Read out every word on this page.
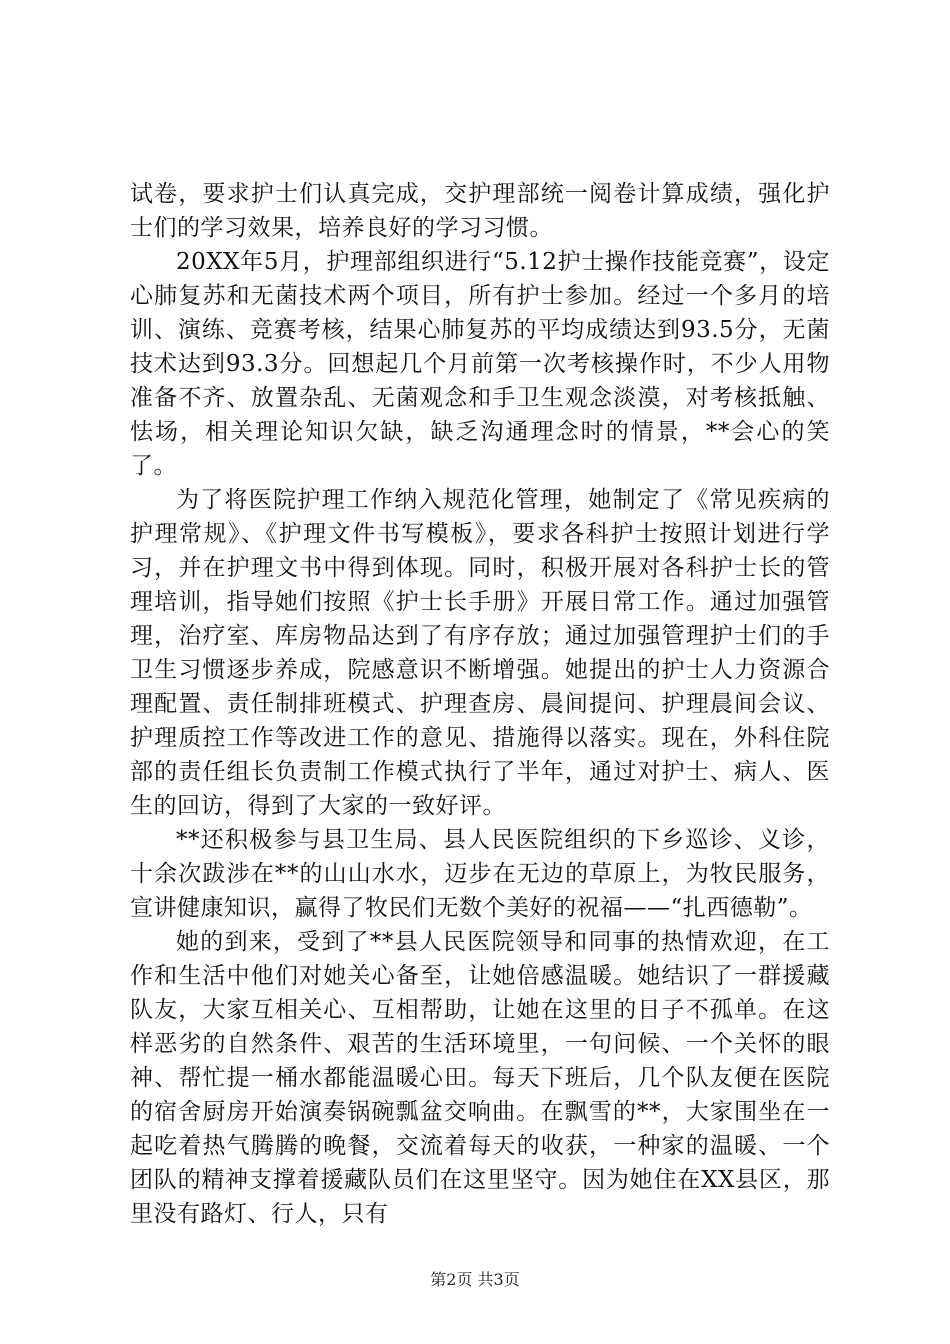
试卷，要求护士们认真完成，交护理部统一阅卷计算成绩，强化护士们的学习效果，培养良好的学习习惯。

20XX年5月，护理部组织进行“5.12护士操作技能竞赛”，设定心肺复苏和无菌技术两个项目，所有护士参加。经过一个多月的培训、演练、竞赛考核，结果心肺复苏的平均成绩达到93.5分，无菌技术达到93.3分。回想起几个月前第一次考核操作时，不少人用物准备不齐、放置杂乱、无菌观念和手卫生观念淡漠，对考核抵触、怯场，相关理论知识欠缺，缺乏沟通理念时的情景，**会心的笑了。

为了将医院护理工作纳入规范化管理，她制定了《常见疾病的护理常规》、《护理文件书写模板》，要求各科护士按照计划进行学习，并在护理文书中得到体现。同时，积极开展对各科护士长的管理培训，指导她们按照《护士长手册》开展日常工作。通过加强管理，治疗室、库房物品达到了有序存放；通过加强管理护士们的手卫生习惯逐步养成，院感意识不断增强。她提出的护士人力资源合理配置、责任制排班模式、护理查房、晨间提问、护理晨间会议、护理质控工作等改进工作的意见、措施得以落实。现在，外科住院部的责任组长负责制工作模式执行了半年，通过对护士、病人、医生的回访，得到了大家的一致好评。

**还积极参与县卫生局、县人民医院组织的下乡巡诊、义诊，十余次跋涉在**的山山水水，迈步在无边的草原上，为牧民服务，宣讲健康知识，赢得了牧民们无数个美好的祝福——“扎西德勒”。

她的到来，受到了**县人民医院领导和同事的热情欢迎，在工作和生活中他们对她关心备至，让她倍感温暖。她结识了一群援藏队友，大家互相关心、互相帮助，让她在这里的日子不孤单。在这样恶劣的自然条件、艰苦的生活环境里，一句问候、一个关怀的眼神、帮忙提一桶水都能温暖心田。每天下班后，几个队友便在医院的宿舍厨房开始演奏锅碗瓢盆交响曲。在飘雪的**，大家围坐在一起吃着热气腾腾的晚餐，交流着每天的收获，一种家的温暖、一个团队的精神支撑着援藏队员们在这里坚守。因为她住在XX县区，那里没有路灯、行人，只有

第2页 共3页
